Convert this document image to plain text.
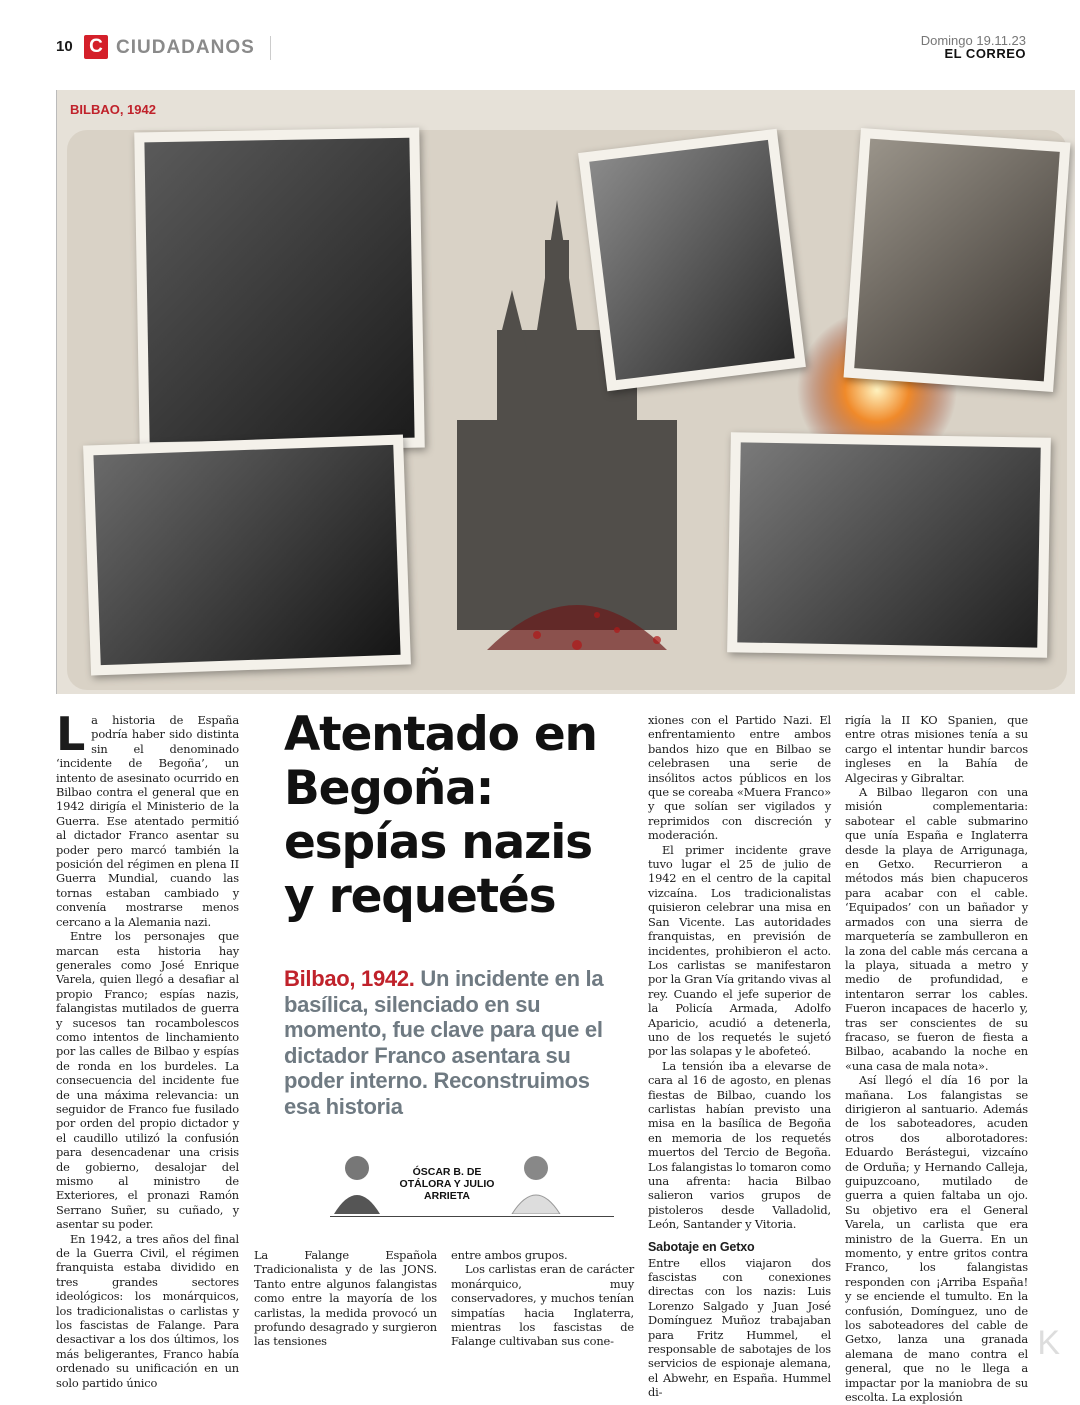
10 C CIUDADANOS	Domingo 19.11.23
EL CORREO
BILBAO, 1942
Atentado en Begoña: espías nazis y requetés
Bilbao, 1942. Un incidente en la basílica, silenciado en su momento, fue clave para que el dictador Franco asentara su poder interno. Reconstruimos esa historia
ÓSCAR B. DE OTÁLORA Y JULIO ARRIETA
L a historia de España podría haber sido distinta sin el denominado ‘incidente de Begoña’, un intento de asesinato ocurrido en Bilbao contra el general que en 1942 dirigía el Ministerio de la Guerra. Ese atentado permitió al dictador Franco asentar su poder pero marcó también la posición del régimen en plena II Guerra Mundial, cuando las tornas estaban cambiado y convenía mostrarse menos cercano a la Alemania nazi.

Entre los personajes que marcan esta historia hay generales como José Enrique Varela, quien llegó a desafiar al propio Franco; espías nazis, falangistas mutilados de guerra y sucesos tan rocambolescos como intentos de linchamiento por las calles de Bilbao y espías de ronda en los burdeles. La consecuencia del incidente fue de una máxima relevancia: un seguidor de Franco fue fusilado por orden del propio dictador y el caudillo utilizó la confusión para desencadenar una crisis de gobierno, desalojar del mismo al ministro de Exteriores, el pronazi Ramón Serrano Suñer, su cuñado, y asentar su poder.

En 1942, a tres años del final de la Guerra Civil, el régimen franquista estaba dividido en tres grandes sectores ideológicos: los monárquicos, los tradicionalistas o carlistas y los fascistas de Falange. Para desactivar a los dos últimos, los más beligerantes, Franco había ordenado su unificación en un solo partido único

La Falange Española Tradicionalista y de las JONS. Tanto entre algunos falangistas como entre la mayoría de los carlistas, la medida provocó un profundo desagrado y surgieron las tensiones

entre ambos grupos.

Los carlistas eran de carácter monárquico, muy conservadores, y muchos tenían simpatías hacia Inglaterra, mientras los fascistas de Falange cultivaban sus cone-

xiones con el Partido Nazi. El enfrentamiento entre ambos bandos hizo que en Bilbao se celebrasen una serie de insólitos actos públicos en los que se coreaba «Muera Franco» y que solían ser vigilados y reprimidos con discreción y moderación.

El primer incidente grave tuvo lugar el 25 de julio de 1942 en el centro de la capital vizcaína. Los tradicionalistas quisieron celebrar una misa en San Vicente. Las autoridades franquistas, en previsión de incidentes, prohibieron el acto. Los carlistas se manifestaron por la Gran Vía gritando vivas al rey. Cuando el jefe superior de la Policía Armada, Adolfo Aparicio, acudió a detenerla, uno de los requetés le sujetó por las solapas y le abofeteó.

La tensión iba a elevarse de cara al 16 de agosto, en plenas fiestas de Bilbao, cuando los carlistas habían previsto una misa en la basílica de Begoña en memoria de los requetés muertos del Tercio de Begoña. Los falangistas lo tomaron como una afrenta: hacia Bilbao salieron varios grupos de pistoleros desde Valladolid, León, Santander y Vitoria.

Sabotaje en Getxo

Entre ellos viajaron dos fascistas con conexiones directas con los nazis: Luis Lorenzo Salgado y Juan José Domínguez Muñoz trabajaban para Fritz Hummel, el responsable de sabotajes de los servicios de espionaje alemana, el Abwehr, en España. Hummel di-

rigía la II KO Spanien, que entre otras misiones tenía a su cargo el intentar hundir barcos ingleses en la Bahía de Algeciras y Gibraltar.

A Bilbao llegaron con una misión complementaria: sabotear el cable submarino que unía España e Inglaterra desde la playa de Arrigunaga, en Getxo. Recurrieron a métodos más bien chapuceros para acabar con el cable. ‘Equipados’ con un bañador y armados con una sierra de marquetería se zambulleron en la zona del cable más cercana a la playa, situada a metro y medio de profundidad, e intentaron serrar los cables. Fueron incapaces de hacerlo y, tras ser conscientes de su fracaso, se fueron de fiesta a Bilbao, acabando la noche en «una casa de mala nota».

Así llegó el día 16 por la mañana. Los falangistas se dirigieron al santuario. Además de los saboteadores, acuden otros dos alborotadores: Eduardo Berástegui, vizcaíno de Orduña; y Hernando Calleja, guipuzcoano, mutilado de guerra a quien faltaba un ojo. Su objetivo era el General Varela, un carlista que era ministro de la Guerra. En un momento, y entre gritos contra Franco, los falangistas responden con ¡Arriba España! y se enciende el tumulto. En la confusión, Domínguez, uno de los saboteadores del cable de Getxo, lanza una granada alemana de mano contra el general, que no le llega a impactar por la maniobra de su escolta. La explosión

K
